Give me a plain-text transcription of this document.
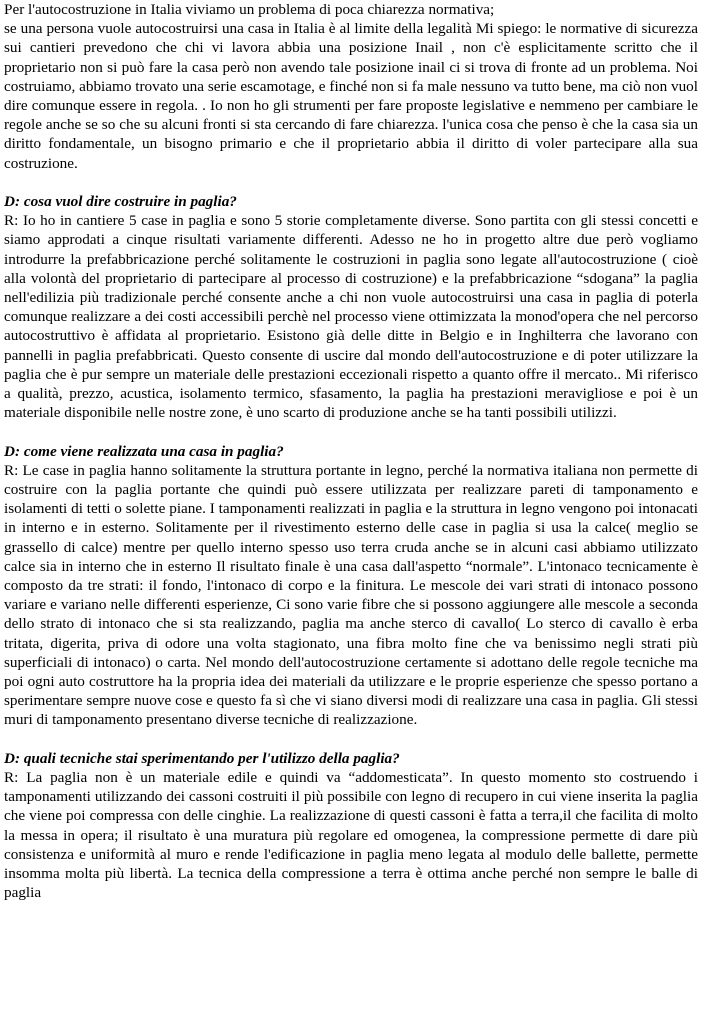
Per l'autocostruzione in Italia viviamo un problema di poca chiarezza normativa;

se una persona vuole autocostruirsi una casa in Italia è al limite della legalità Mi spiego: le normative di sicurezza sui cantieri prevedono che chi vi lavora abbia una posizione Inail , non c'è esplicitamente scritto che il proprietario non si può fare la casa però non avendo tale posizione inail ci si trova di fronte ad un problema. Noi costruiamo, abbiamo trovato una serie escamotage, e finché non si fa male nessuno va tutto bene, ma ciò non vuol dire comunque essere in regola. . Io non ho gli strumenti per fare proposte legislative e nemmeno per cambiare le regole anche se so che su alcuni fronti si sta cercando di fare chiarezza. l'unica cosa che penso è che la casa sia un diritto fondamentale, un bisogno primario e che il proprietario abbia il diritto di voler partecipare alla sua costruzione.

D: cosa vuol dire costruire in paglia?

R: Io ho in cantiere 5 case in paglia e sono 5 storie completamente diverse. Sono partita con gli stessi concetti e siamo approdati a cinque risultati variamente differenti. Adesso ne ho in progetto altre due però vogliamo introdurre la prefabbricazione perché solitamente le costruzioni in paglia sono legate all'autocostruzione ( cioè alla volontà del proprietario di partecipare al processo di costruzione) e la prefabbricazione “sdogana” la paglia nell'edilizia più tradizionale perché consente anche a chi non vuole autocostruirsi una casa in paglia di poterla comunque realizzare a dei costi accessibili perchè nel processo viene ottimizzata la monod'opera che nel percorso autocostruttivo è affidata al proprietario. Esistono già delle ditte in Belgio e in Inghilterra che lavorano con pannelli in paglia prefabbricati. Questo consente di uscire dal mondo dell'autocostruzione e di poter utilizzare la paglia che è pur sempre un materiale delle prestazioni eccezionali rispetto a quanto offre il mercato.. Mi riferisco a qualità, prezzo, acustica, isolamento termico, sfasamento, la paglia ha prestazioni meravigliose e poi è un materiale disponibile nelle nostre zone, è uno scarto di produzione anche se ha tanti possibili utilizzi.

D: come viene realizzata una casa in paglia?

R: Le case in paglia hanno solitamente la struttura portante in legno, perché la normativa italiana non permette di costruire con la paglia portante che quindi può essere utilizzata per realizzare pareti di tamponamento e isolamenti di tetti o solette piane. I tamponamenti realizzati in paglia e la struttura in legno vengono poi intonacati in interno e in esterno. Solitamente per il rivestimento esterno delle case in paglia si usa la calce( meglio se grassello di calce) mentre per quello interno spesso uso terra cruda anche se in alcuni casi abbiamo utilizzato calce sia in interno che in esterno Il risultato finale è una casa dall'aspetto “normale”. L'intonaco tecnicamente è composto da tre strati: il fondo, l'intonaco di corpo e la finitura. Le mescole dei vari strati di intonaco possono variare e variano nelle differenti esperienze, Ci sono varie fibre che si possono aggiungere alle mescole a seconda dello strato di intonaco che si sta realizzando, paglia ma anche sterco di cavallo( Lo sterco di cavallo è erba tritata, digerita, priva di odore una volta stagionato, una fibra molto fine che va benissimo negli strati più superficiali di intonaco) o carta. Nel mondo dell'autocostruzione certamente si adottano delle regole tecniche ma poi ogni auto costruttore ha la propria idea dei materiali da utilizzare e le proprie esperienze che spesso portano a sperimentare sempre nuove cose e questo fa sì che vi siano diversi modi di realizzare una casa in paglia. Gli stessi muri di tamponamento presentano diverse tecniche di realizzazione.

D: quali tecniche stai sperimentando per l'utilizzo della paglia?

R: La paglia non è un materiale edile e quindi va “addomesticata”. In questo momento sto costruendo i tamponamenti utilizzando dei cassoni costruiti il più possibile con legno di recupero in cui viene inserita la paglia che viene poi compressa con delle cinghie. La realizzazione di questi cassoni è fatta a terra,il che facilita di molto la messa in opera; il risultato è una muratura più regolare ed omogenea, la compressione permette di dare più consistenza e uniformità al muro e rende l'edificazione in paglia meno legata al modulo delle ballette, permette insomma molta più libertà. La tecnica della compressione a terra è ottima anche perché non sempre le balle di paglia
